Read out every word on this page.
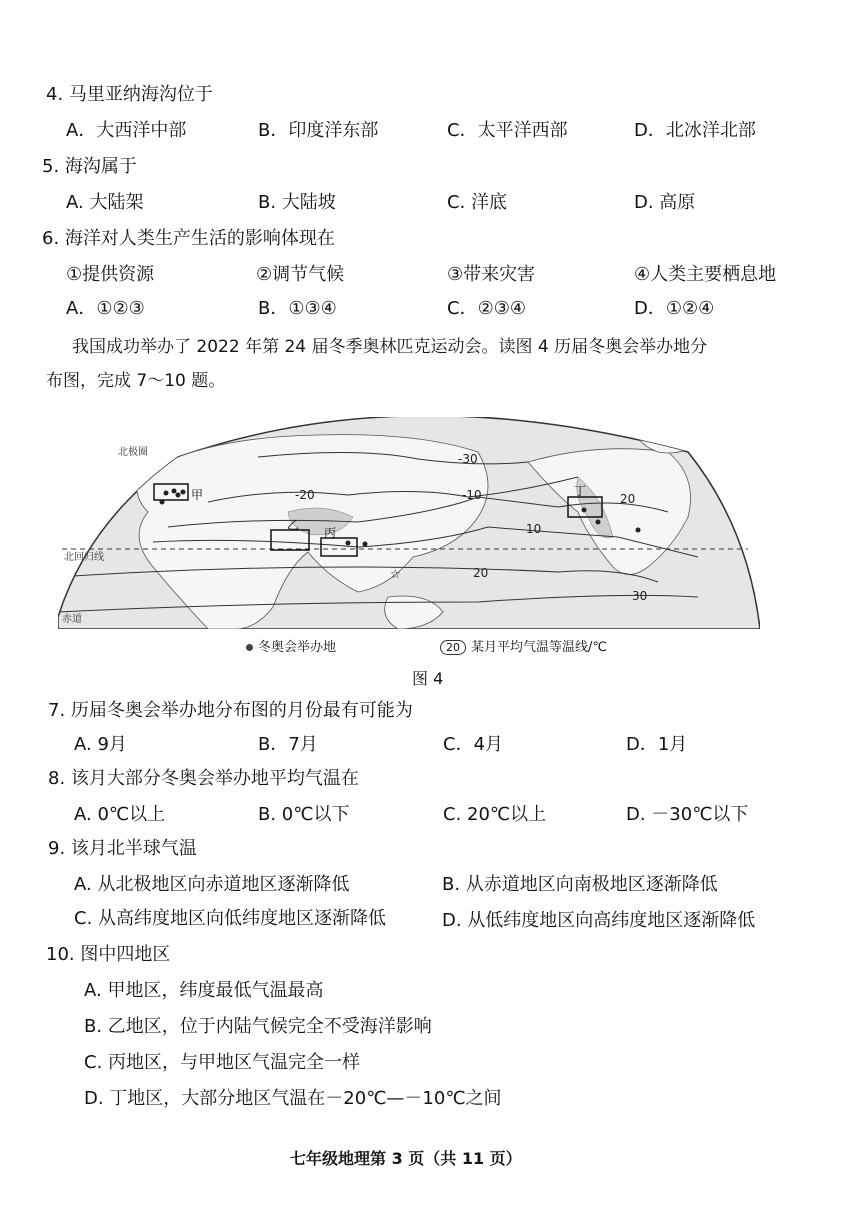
4. 马里亚纳海沟位于
A．大西洋中部	B．印度洋东部	C．太平洋西部	D．北冰洋北部
5. 海沟属于
A. 大陆架	B. 大陆坡	C. 洋底	D. 高原
6. 海洋对人类生产生活的影响体现在
①提供资源	②调节气候	③带来灾害	④人类主要栖息地
A．①②③	B．①③④	C．②③④	D．①②④
我国成功举办了 2022 年第 24 届冬季奥林匹克运动会。读图 4 历届冬奥会举办地分
布图，完成 7～10 题。
北极圈
北回归线
赤道
-30
-20	-10
10
20
20
30
甲
乙
丙
丁
☆
冬奥会举办地	20 某月平均气温等温线/℃
图 4
7. 历届冬奥会举办地分布图的月份最有可能为
A. 9月	B．7月	C．4月	D．1月
8. 该月大部分冬奥会举办地平均气温在
A. 0℃以上	B. 0℃以下	C. 20℃以上	D. －30℃以下
9. 该月北半球气温
A. 从北极地区向赤道地区逐渐降低	B. 从赤道地区向南极地区逐渐降低
C. 从高纬度地区向低纬度地区逐渐降低	D. 从低纬度地区向高纬度地区逐渐降低
10. 图中四地区
A. 甲地区，纬度最低气温最高
B. 乙地区，位于内陆气候完全不受海洋影响
C. 丙地区，与甲地区气温完全一样
D. 丁地区，大部分地区气温在－20℃—－10℃之间
七年级地理第 3 页（共 11 页）
